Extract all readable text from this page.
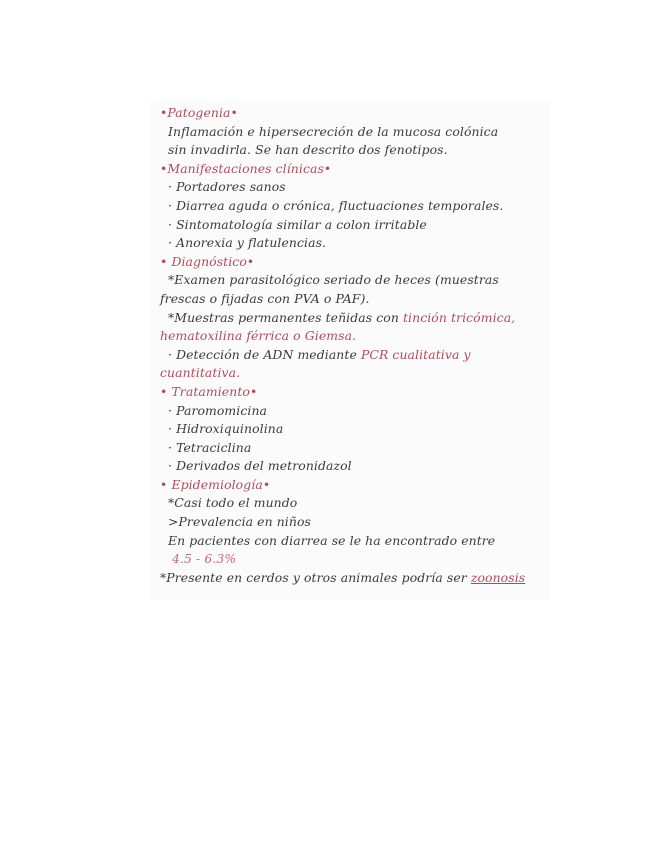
•Patogenia•
Inflamación e hipersecreción de la mucosa colónica
sin invadirla. Se han descrito dos fenotipos.
•Manifestaciones clínicas•
· Portadores sanos
· Diarrea aguda o crónica, fluctuaciones temporales.
· Sintomatología similar a colon irritable
· Anorexia y flatulencias.
• Diagnóstico•
*Examen parasitológico seriado de heces (muestras
frescas o fijadas con PVA o PAF).
*Muestras permanentes teñidas con tinción tricómica,
hematoxilina férrica o Giemsa.
· Detección de ADN mediante PCR cualitativa y
cuantitativa.
• Tratamiento•
· Paromomicina
· Hidroxiquinolina
· Tetraciclina
· Derivados del metronidazol
• Epidemiología•
*Casi todo el mundo
>Prevalencia en niños
En pacientes con diarrea se le ha encontrado entre
4.5 - 6.3%
*Presente en cerdos y otros animales podría ser zoonosis
